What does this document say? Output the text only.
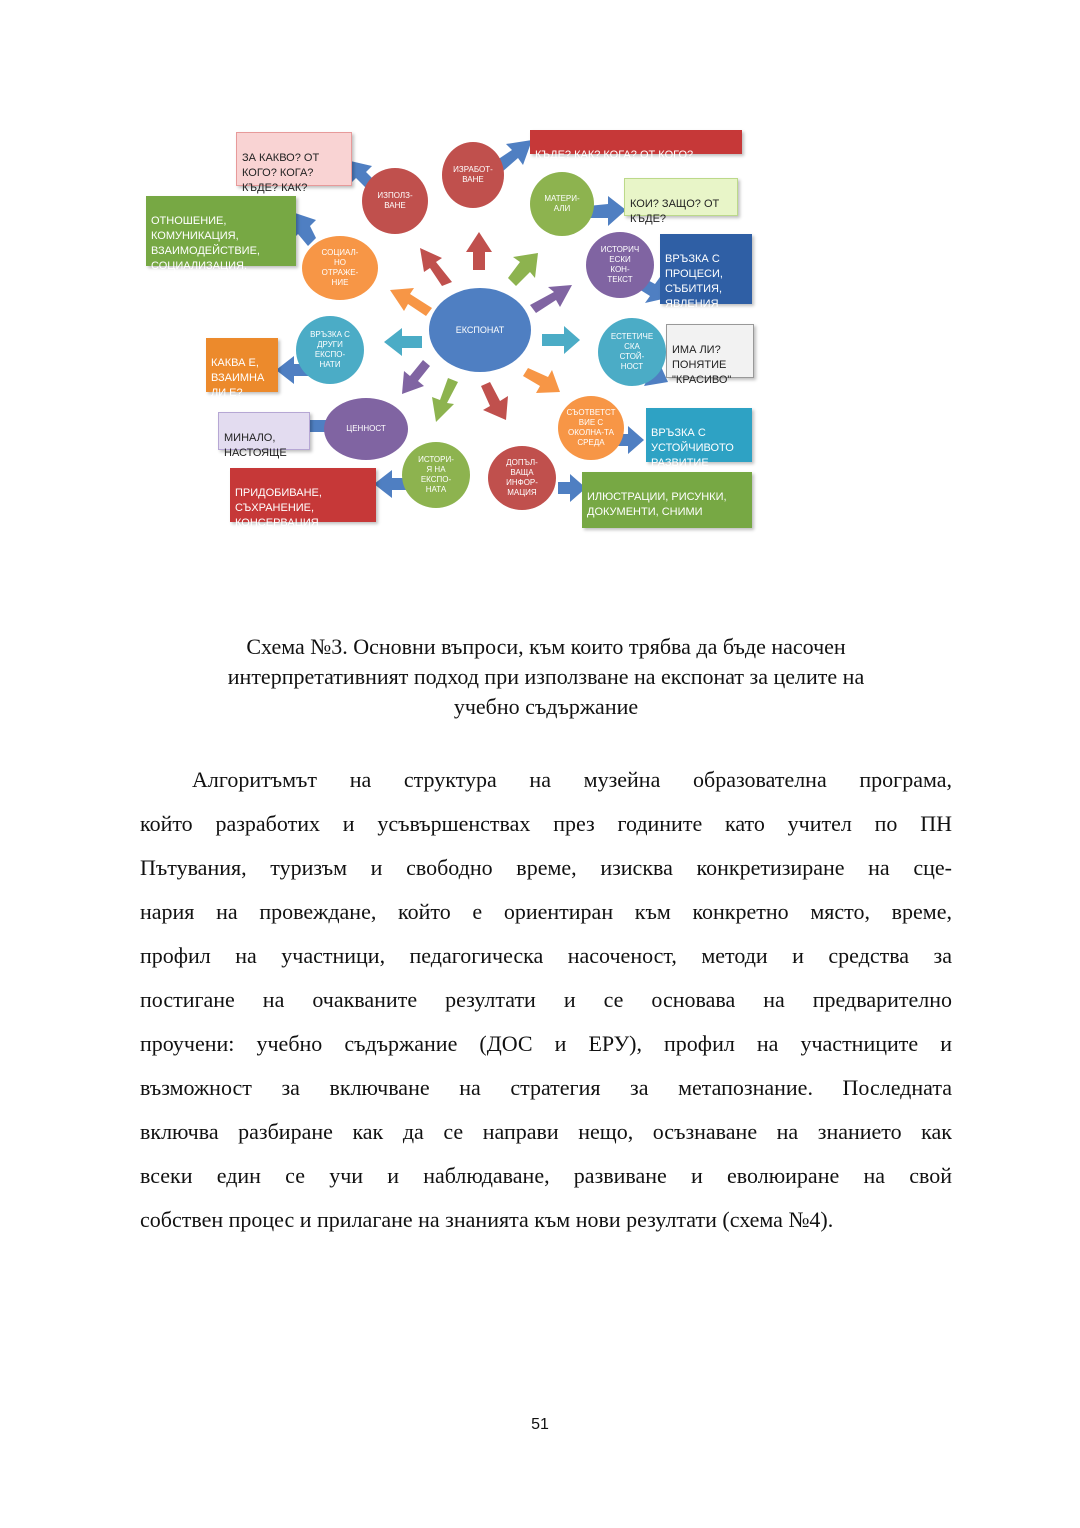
ЕКСПОНАТ
ИЗРАБОТ-
ВАНЕ
МАТЕРИ-
АЛИ
ИСТОРИЧ
ЕСКИ
КОН-
ТЕКСТ
ЕСТЕТИЧЕ
СКА
СТОЙ-
НОСТ
СЪОТВЕТСТ
ВИЕ С
ОКОЛНА-ТА
СРЕДА
ДОПЪЛ-
ВАЩА
ИНФОР-
МАЦИЯ
ИСТОРИ-
Я НА
ЕКСПО-
НАТА
ЦЕННОСТ
ВРЪЗКА С
ДРУГИ
ЕКСПО-
НАТИ
СОЦИАЛ-
НО
ОТРАЖЕ-
НИЕ
ИЗПОЛЗ-
ВАНЕ

ЗА КАКВО? ОТ
КОГО? КОГА?
КЪДЕ? КАК?

КЪДЕ? КАК? КОГА? ОТ КОГО?

КОИ? ЗАЩО? ОТ
КЪДЕ?

ОТНОШЕНИЕ,
КОМУНИКАЦИЯ,
ВЗАИМОДЕЙСТВИЕ,
СОЦИАЛИЗАЦИЯ.

ВРЪЗКА С
ПРОЦЕСИ,
СЪБИТИЯ,
ЯВЛЕНИЯ

ИМА ЛИ?
ПОНЯТИЕ
"КРАСИВО"

КАКВА Е,
ВЗАИМНА
ЛИ Е?

МИНАЛО,
НАСТОЯЩЕ

ВРЪЗКА С
УСТОЙЧИВОТО
РАЗВИТИЕ

ПРИДОБИВАНЕ,
СЪХРАНЕНИЕ,
КОНСЕРВАЦИЯ

ИЛЮСТРАЦИИ, РИСУНКИ,
ДОКУМЕНТИ, СНИМИ

Схема №3. Основни въпроси, към които трябва да бъде насочен
интерпретативният подход при използване на експонат за целите на
учебно съдържание
Алгоритъмът на структура на музейна образователна програма,
който разработих и усъвършенствах през годините като учител по ПН
Пътувания, туризъм и свободно време, изисква конкретизиране на сце-
нария на провеждане, който е ориентиран към конкретно място, време,
профил на участници, педагогическа насоченост, методи и средства за
постигане на очакваните резултати и се основава на предварително
проучени: учебно съдържание (ДОС и ЕРУ), профил на участниците и
възможност за включване на стратегия за метапознание. Последната
включва разбиране как да се направи нещо, осъзнаване на знанието как
всеки един се учи и наблюдаване, развиване и еволюиране на свой
собствен процес и прилагане на знанията към нови резултати (схема №4).
51
